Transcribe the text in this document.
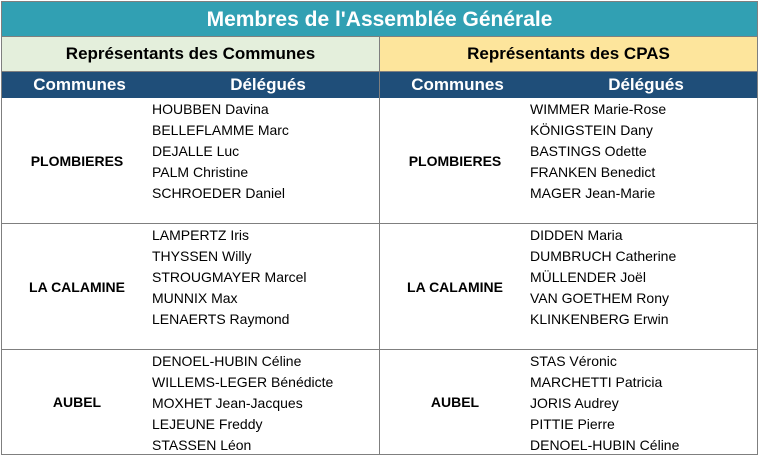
Membres de l'Assemblée Générale
Représentants des Communes
Communes	Délégués
PLOMBIERES
HOUBBEN Davina
BELLEFLAMME Marc
DEJALLE Luc
PALM Christine
SCHROEDER Daniel
LA CALAMINE
LAMPERTZ Iris
THYSSEN Willy
STROUGMAYER Marcel
MUNNIX Max
LENAERTS Raymond
AUBEL
DENOEL-HUBIN Céline
WILLEMS-LEGER Bénédicte
MOXHET Jean-Jacques
LEJEUNE Freddy
STASSEN Léon
Représentants des CPAS
Communes	Délégués
PLOMBIERES
WIMMER Marie-Rose
KÖNIGSTEIN Dany
BASTINGS Odette
FRANKEN Benedict
MAGER Jean-Marie
LA CALAMINE
DIDDEN Maria
DUMBRUCH Catherine
MÜLLENDER Joël
VAN GOETHEM Rony
KLINKENBERG Erwin
AUBEL
STAS Véronic
MARCHETTI Patricia
JORIS Audrey
PITTIE Pierre
DENOEL-HUBIN Céline
